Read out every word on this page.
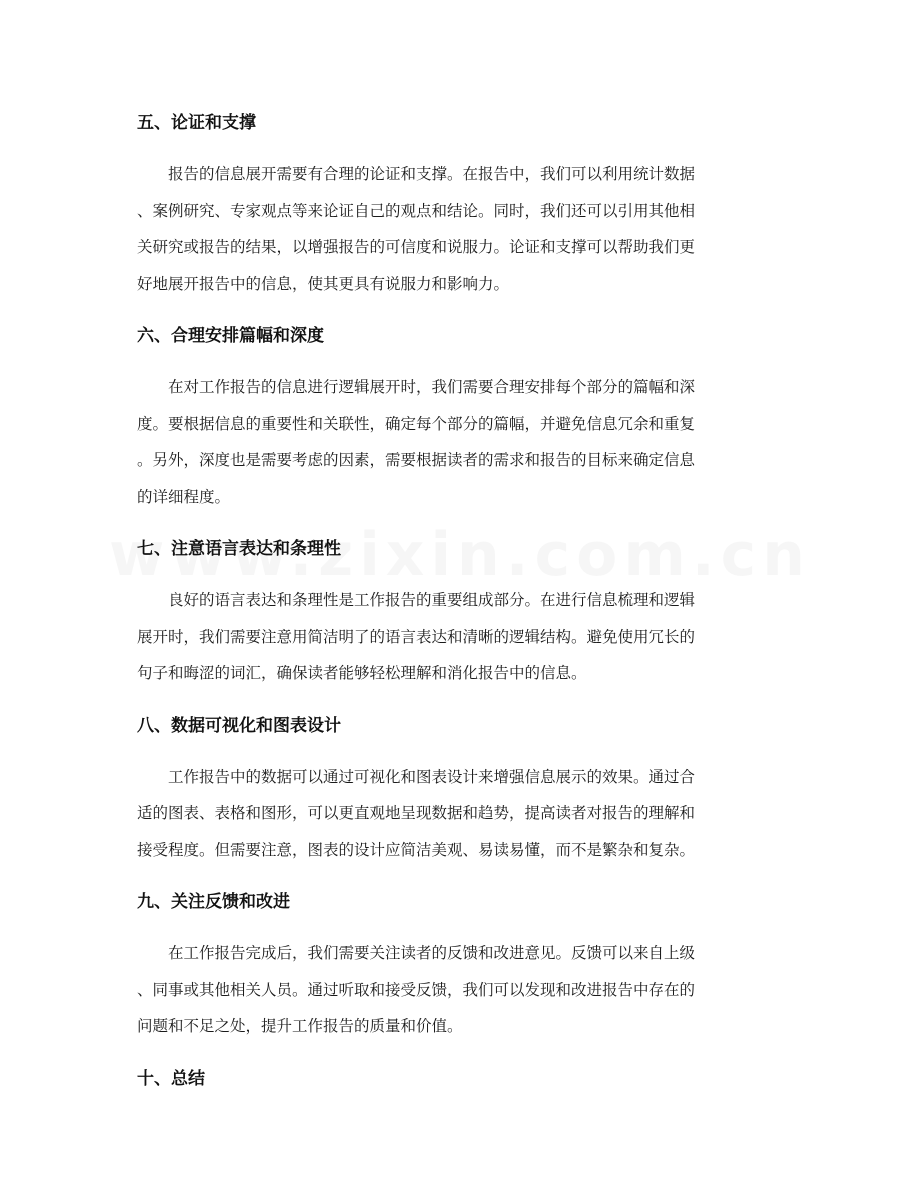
五、论证和支撑

　　报告的信息展开需要有合理的论证和支撑。在报告中，我们可以利用统计数据
、案例研究、专家观点等来论证自己的观点和结论。同时，我们还可以引用其他相
关研究或报告的结果，以增强报告的可信度和说服力。论证和支撑可以帮助我们更
好地展开报告中的信息，使其更具有说服力和影响力。

六、合理安排篇幅和深度

　　在对工作报告的信息进行逻辑展开时，我们需要合理安排每个部分的篇幅和深
度。要根据信息的重要性和关联性，确定每个部分的篇幅，并避免信息冗余和重复
。另外，深度也是需要考虑的因素，需要根据读者的需求和报告的目标来确定信息
的详细程度。

七、注意语言表达和条理性

　　良好的语言表达和条理性是工作报告的重要组成部分。在进行信息梳理和逻辑
展开时，我们需要注意用简洁明了的语言表达和清晰的逻辑结构。避免使用冗长的
句子和晦涩的词汇，确保读者能够轻松理解和消化报告中的信息。

八、数据可视化和图表设计

　　工作报告中的数据可以通过可视化和图表设计来增强信息展示的效果。通过合
适的图表、表格和图形，可以更直观地呈现数据和趋势，提高读者对报告的理解和
接受程度。但需要注意，图表的设计应简洁美观、易读易懂，而不是繁杂和复杂。

九、关注反馈和改进

　　在工作报告完成后，我们需要关注读者的反馈和改进意见。反馈可以来自上级
、同事或其他相关人员。通过听取和接受反馈，我们可以发现和改进报告中存在的
问题和不足之处，提升工作报告的质量和价值。

十、总结
